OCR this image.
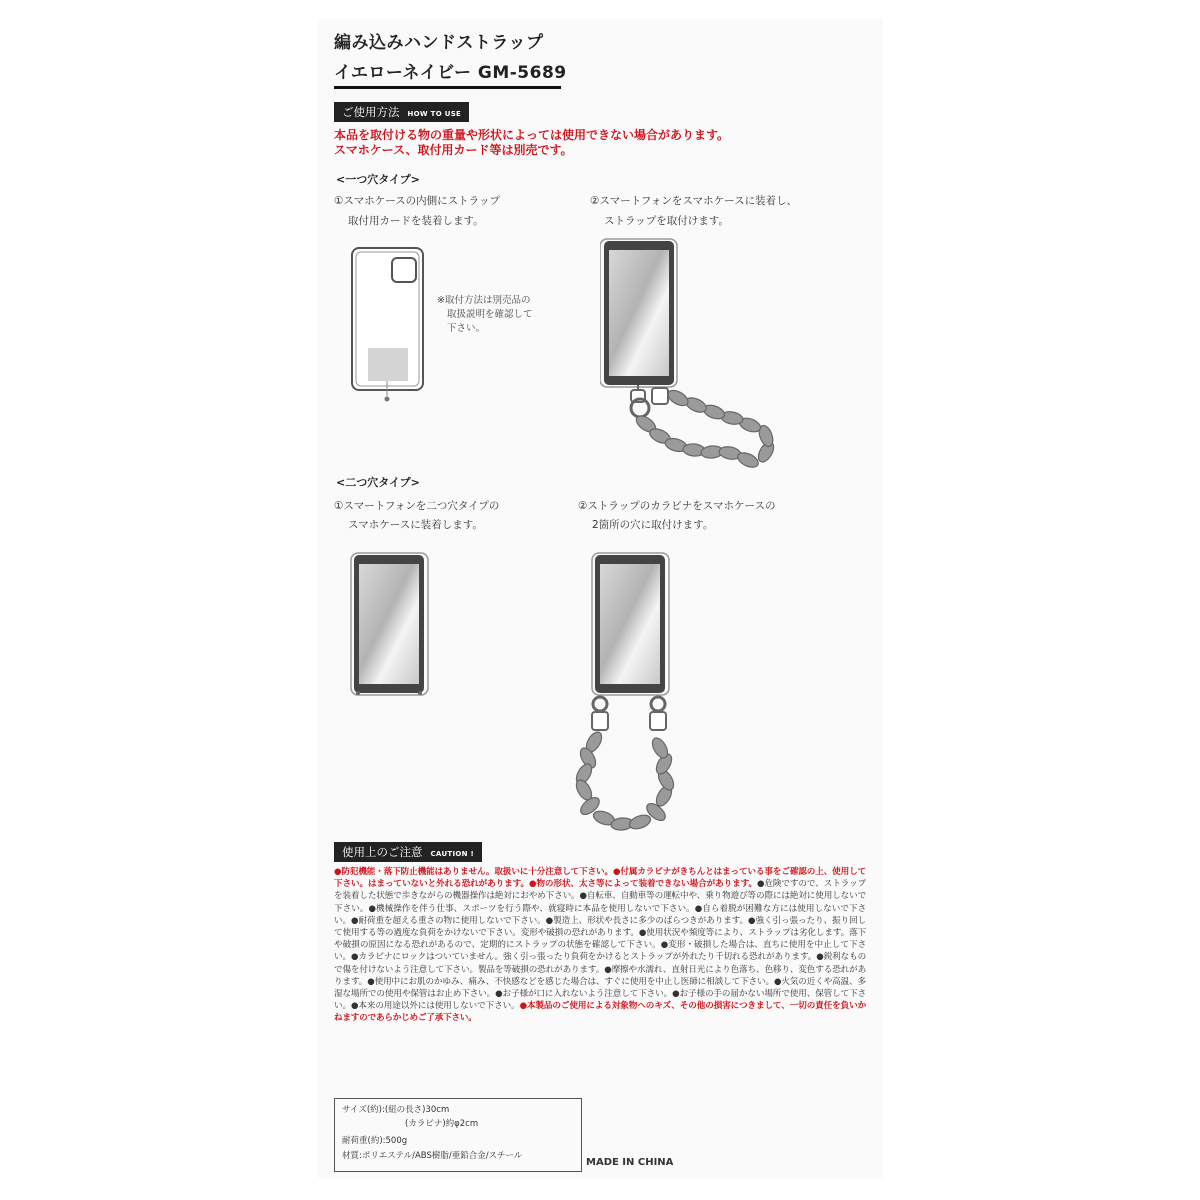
編み込みハンドストラップ
イエローネイビー GM-5689
ご使用方法 HOW TO USE
本品を取付ける物の重量や形状によっては使用できない場合があります。
スマホケース、取付用カード等は別売です。
<一つ穴タイプ>
①スマホケースの内側にストラップ
取付用カードを装着します。
②スマートフォンをスマホケースに装着し、
ストラップを取付けます。
※取付方法は別売品の
取扱説明を確認して
下さい。
<二つ穴タイプ>
①スマートフォンを二つ穴タイプの
スマホケースに装着します。
②ストラップのカラビナをスマホケースの
2箇所の穴に取付けます。
使用上のご注意 CAUTION !
●防犯機能・落下防止機能はありません。取扱いに十分注意して下さい。●付属カラビナがきちんとはまっている事をご確認の上、使用して下さい。はまっていないと外れる恐れがあります。●物の形状、太さ等によって装着できない場合があります。●危険ですので、ストラップを装着した状態で歩きながらの機器操作は絶対におやめ下さい。●自転車、自動車等の運転中や、乗り物遊び等の際には絶対に使用しないで下さい。●機械操作を伴う仕事、スポーツを行う際や、就寝時に本品を使用しないで下さい。●自ら着脱が困難な方には使用しないで下さい。●耐荷重を超える重さの物に使用しないで下さい。●製造上、形状や長さに多少のばらつきがあります。●強く引っ張ったり、振り回して使用する等の過度な負荷をかけないで下さい。変形や破損の恐れがあります。●使用状況や頻度等により、ストラップは劣化します。落下や破損の原因になる恐れがあるので、定期的にストラップの状態を確認して下さい。●変形・破損した場合は、直ちに使用を中止して下さい。●カラビナにロックはついていません。強く引っ張ったり負荷をかけるとストラップが外れたり千切れる恐れがあります。●鋭利なもので傷を付けないよう注意して下さい。製品を等破損の恐れがあります。●摩擦や水濡れ、直射日光により色落ち、色移り、変色する恐れがあります。●使用中にお肌のかゆみ、痛み、不快感などを感じた場合は、すぐに使用を中止し医師に相談して下さい。●火気の近くや高温、多湿な場所での使用や保管はお止め下さい。●お子様が口に入れないよう注意して下さい。●お子様の手の届かない場所で使用、保管して下さい。●本来の用途以外には使用しないで下さい。●本製品のご使用による対象物へのキズ、その他の損害につきまして、一切の責任を負いかねますのであらかじめご了承下さい。
サイズ(約):(紐の長さ)30cm
(カラビナ)約φ2cm
耐荷重(約):500g
材質:ポリエステル/ABS樹脂/亜鉛合金/スチール
MADE IN CHINA
